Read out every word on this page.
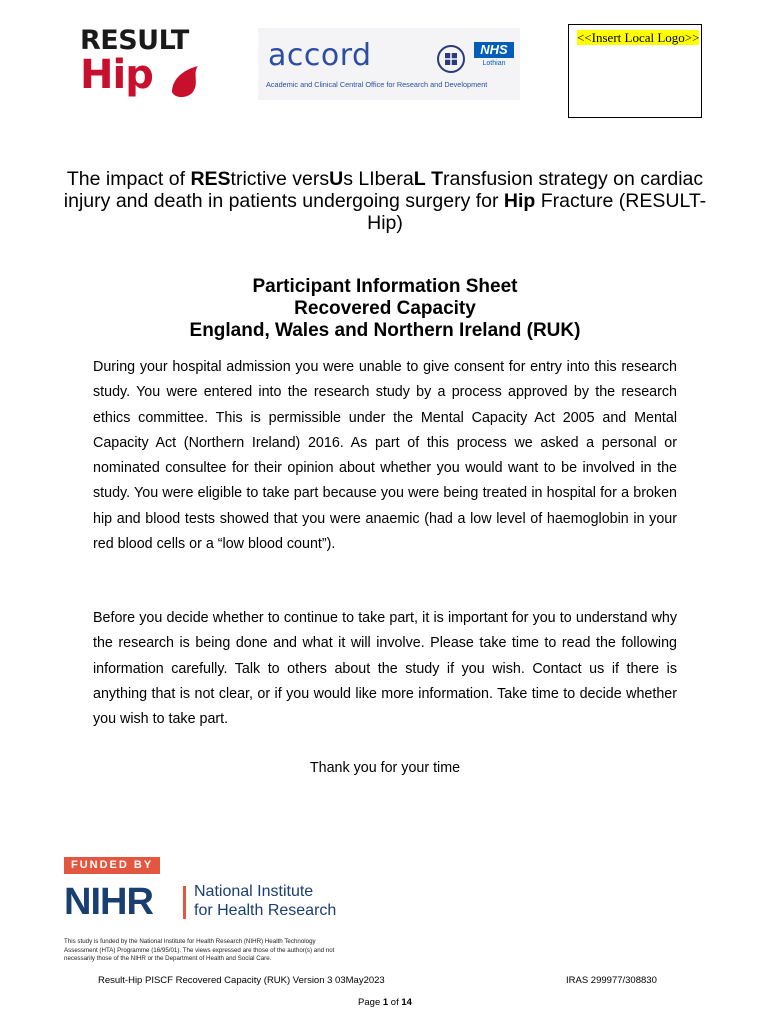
RESULT
Hip	accord	NHS
Lothian
Academic and Clinical Central Office for Research and Development
<<Insert Local Logo>>
The impact of REStrictive versUs LIberaL Transfusion strategy on cardiac injury and death in patients undergoing surgery for Hip Fracture (RESULT-Hip)
Participant Information Sheet
Recovered Capacity
England, Wales and Northern Ireland (RUK)
During your hospital admission you were unable to give consent for entry into this research study. You were entered into the research study by a process approved by the research ethics committee. This is permissible under the Mental Capacity Act 2005 and Mental Capacity Act (Northern Ireland) 2016. As part of this process we asked a personal or nominated consultee for their opinion about whether you would want to be involved in the study. You were eligible to take part because you were being treated in hospital for a broken hip and blood tests showed that you were anaemic (had a low level of haemoglobin in your red blood cells or a “low blood count”).
Before you decide whether to continue to take part, it is important for you to understand why the research is being done and what it will involve. Please take time to read the following information carefully. Talk to others about the study if you wish. Contact us if there is anything that is not clear, or if you would like more information. Take time to decide whether you wish to take part.
Thank you for your time
FUNDED BY
NIHR	National Institute
for Health Research
This study is funded by the National Institute for Health Research (NIHR) Health Technology Assessment (HTA) Programme (16/95/01). The views expressed are those of the author(s) and not necessarily those of the NIHR or the Department of Health and Social Care.
Result-Hip PISCF Recovered Capacity (RUK) Version 3 03May2023	IRAS 299977/308830
Page 1 of 14
